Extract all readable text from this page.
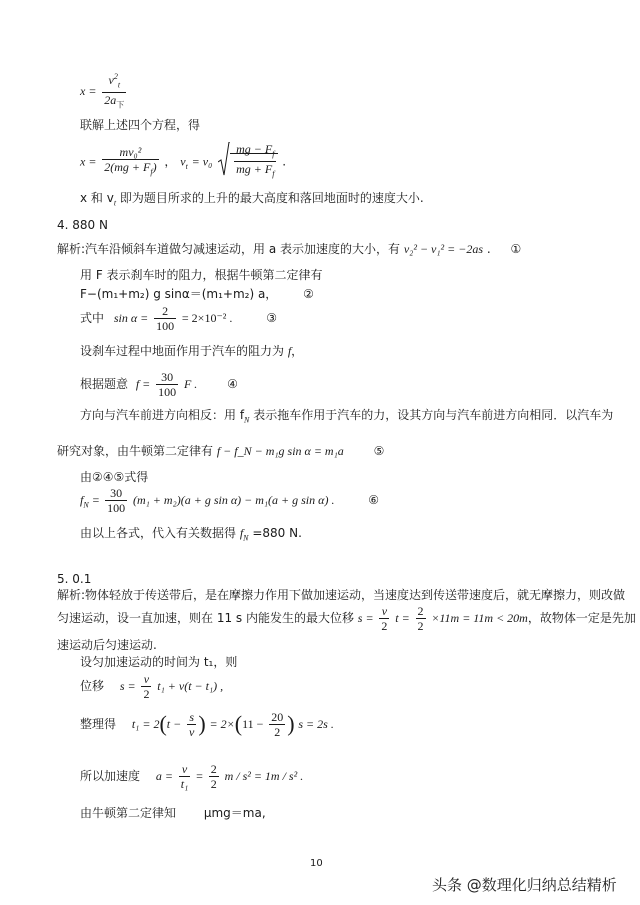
$x = \frac{v^2_t}{2a_下}$
联解上述四个方程，得
$x = \frac{\text{mv₀²}}{2(mg + F_f)}$ ， $v_t = v_0 \frac{mg - F_f}{mg + F_f}$ .
x 和 $v_t$ 即为题目所求的上升的最大高度和落回地面时的速度大小.
4. 880 N
解析:汽车沿倾斜车道做匀减速运动，用 a 表示加速度的大小，有 v₂² − v₁² = −2as . ①
用 F 表示刹车时的阻力，根据牛顿第二定律有
F−(m₁+m₂) g sinα＝(m₁+m₂) a， ②
式中 $\sin \alpha = \frac{2}{100} = 2\times 10^{-2}$ .	③
设刹车过程中地面作用于汽车的阻力为 f，
根据题意 $f = \frac{30}{100}$ F . ④
方向与汽车前进方向相反：用 $f_N$ 表示拖车作用于汽车的力，设其方向与汽车前进方向相同．以汽车为
研究对象，由牛顿第二定律有 f − f_N − m₁g sin α = m₁a ⑤
由②④⑤式得
$f_N = \frac{30}{100} (m_1 + m_2)(a + g$ sin α) − m₁(a + g sin α) .	⑥
由以上各式，代入有关数据得 $f_N =880$ N.
5. 0.1
解析:物体轻放于传送带后，是在摩擦力作用下做加速运动，当速度达到传送带速度后，就无摩擦力，则改做
匀速运动，设一直加速，则在 11 s 内能发生的最大位移 $s = \frac{v}{2}$ $t = \frac{2}{2} \times 11m = 11m < 20m$，故物体一定是先加
速运动后匀速运动.
设匀加速运动的时间为 t₁，则
位移 $s = \frac{v}{2} t_1 + v(t - t_1)$ ,
整理得 $t_1 = 2(t - \frac{s}{v}$ ) = $2\times(11 - \frac{20}{2}$ ) s = 2s .
所以加速度 $a = \frac{v}{\text{t₁}} = \frac{2}{2}$ m / s² = 1m / s² .
由牛顿第二定律知 μmg＝ma,
10
头条 @数理化归纳总结精析
